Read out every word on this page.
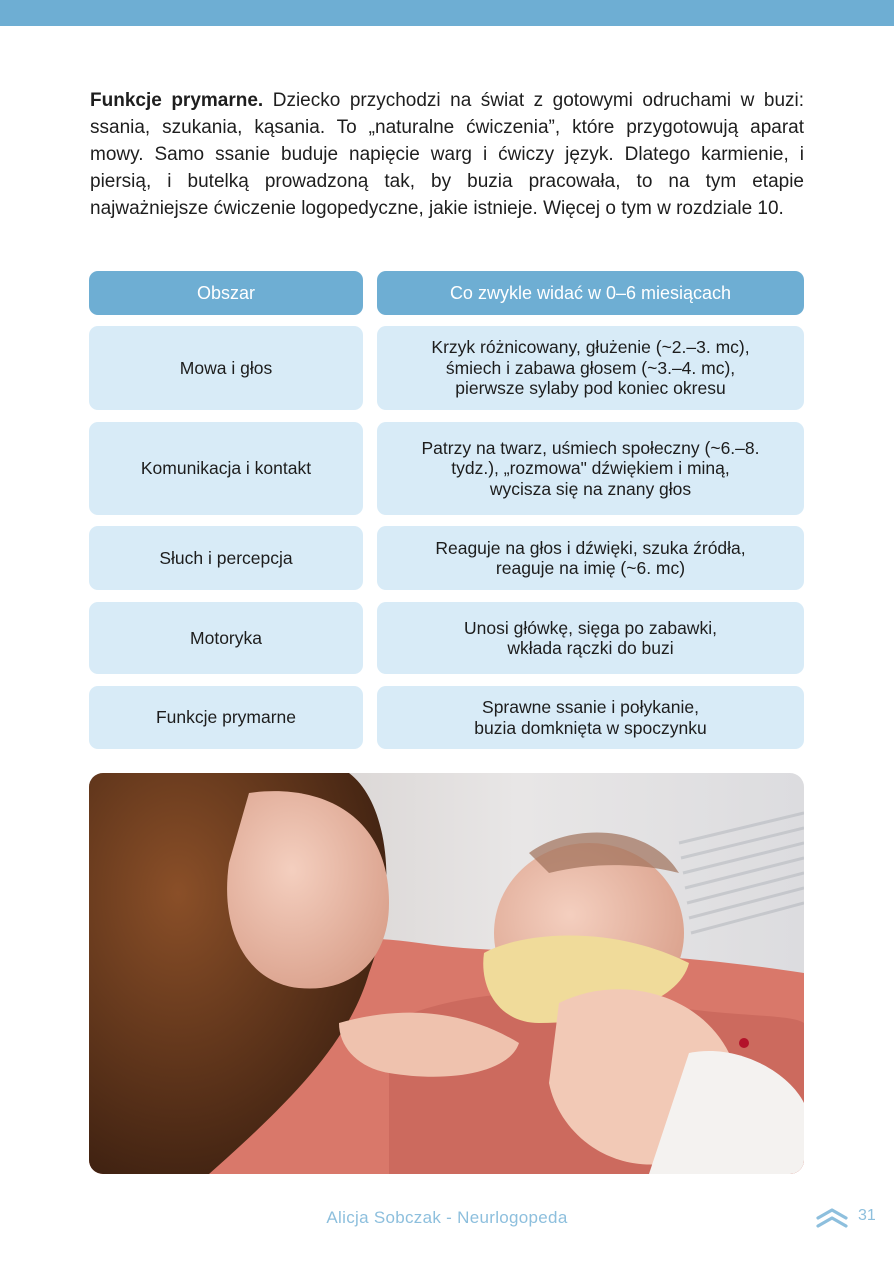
Funkcje prymarne. Dziecko przychodzi na świat z gotowymi odruchami w buzi: ssania, szukania, kąsania. To „naturalne ćwiczenia”, które przygotowują aparat mowy. Samo ssanie buduje napięcie warg i ćwiczy język. Dlatego karmienie, i piersią, i butelką prowadzoną tak, by buzia pracowała, to na tym etapie najważniejsze ćwiczenie logopedyczne, jakie istnieje. Więcej o tym w rozdziale 10.

Obszar	Co zwykle widać w 0–6 miesiącach
Mowa i głos
Krzyk różnicowany, głużenie (~2.–3. mc),
śmiech i zabawa głosem (~3.–4. mc),
pierwsze sylaby pod koniec okresu
Komunikacja i kontakt
Patrzy na twarz, uśmiech społeczny (~6.–8.
tydz.), „rozmowa" dźwiękiem i miną,
wycisza się na znany głos
Słuch i percepcja
Reaguje na głos i dźwięki, szuka źródła,
reaguje na imię (~6. mc)
Motoryka
Unosi główkę, sięga po zabawki,
wkłada rączki do buzi
Funkcje prymarne
Sprawne ssanie i połykanie,
buzia domknięta w spoczynku
Alicja Sobczak - Neurlogopeda	31
